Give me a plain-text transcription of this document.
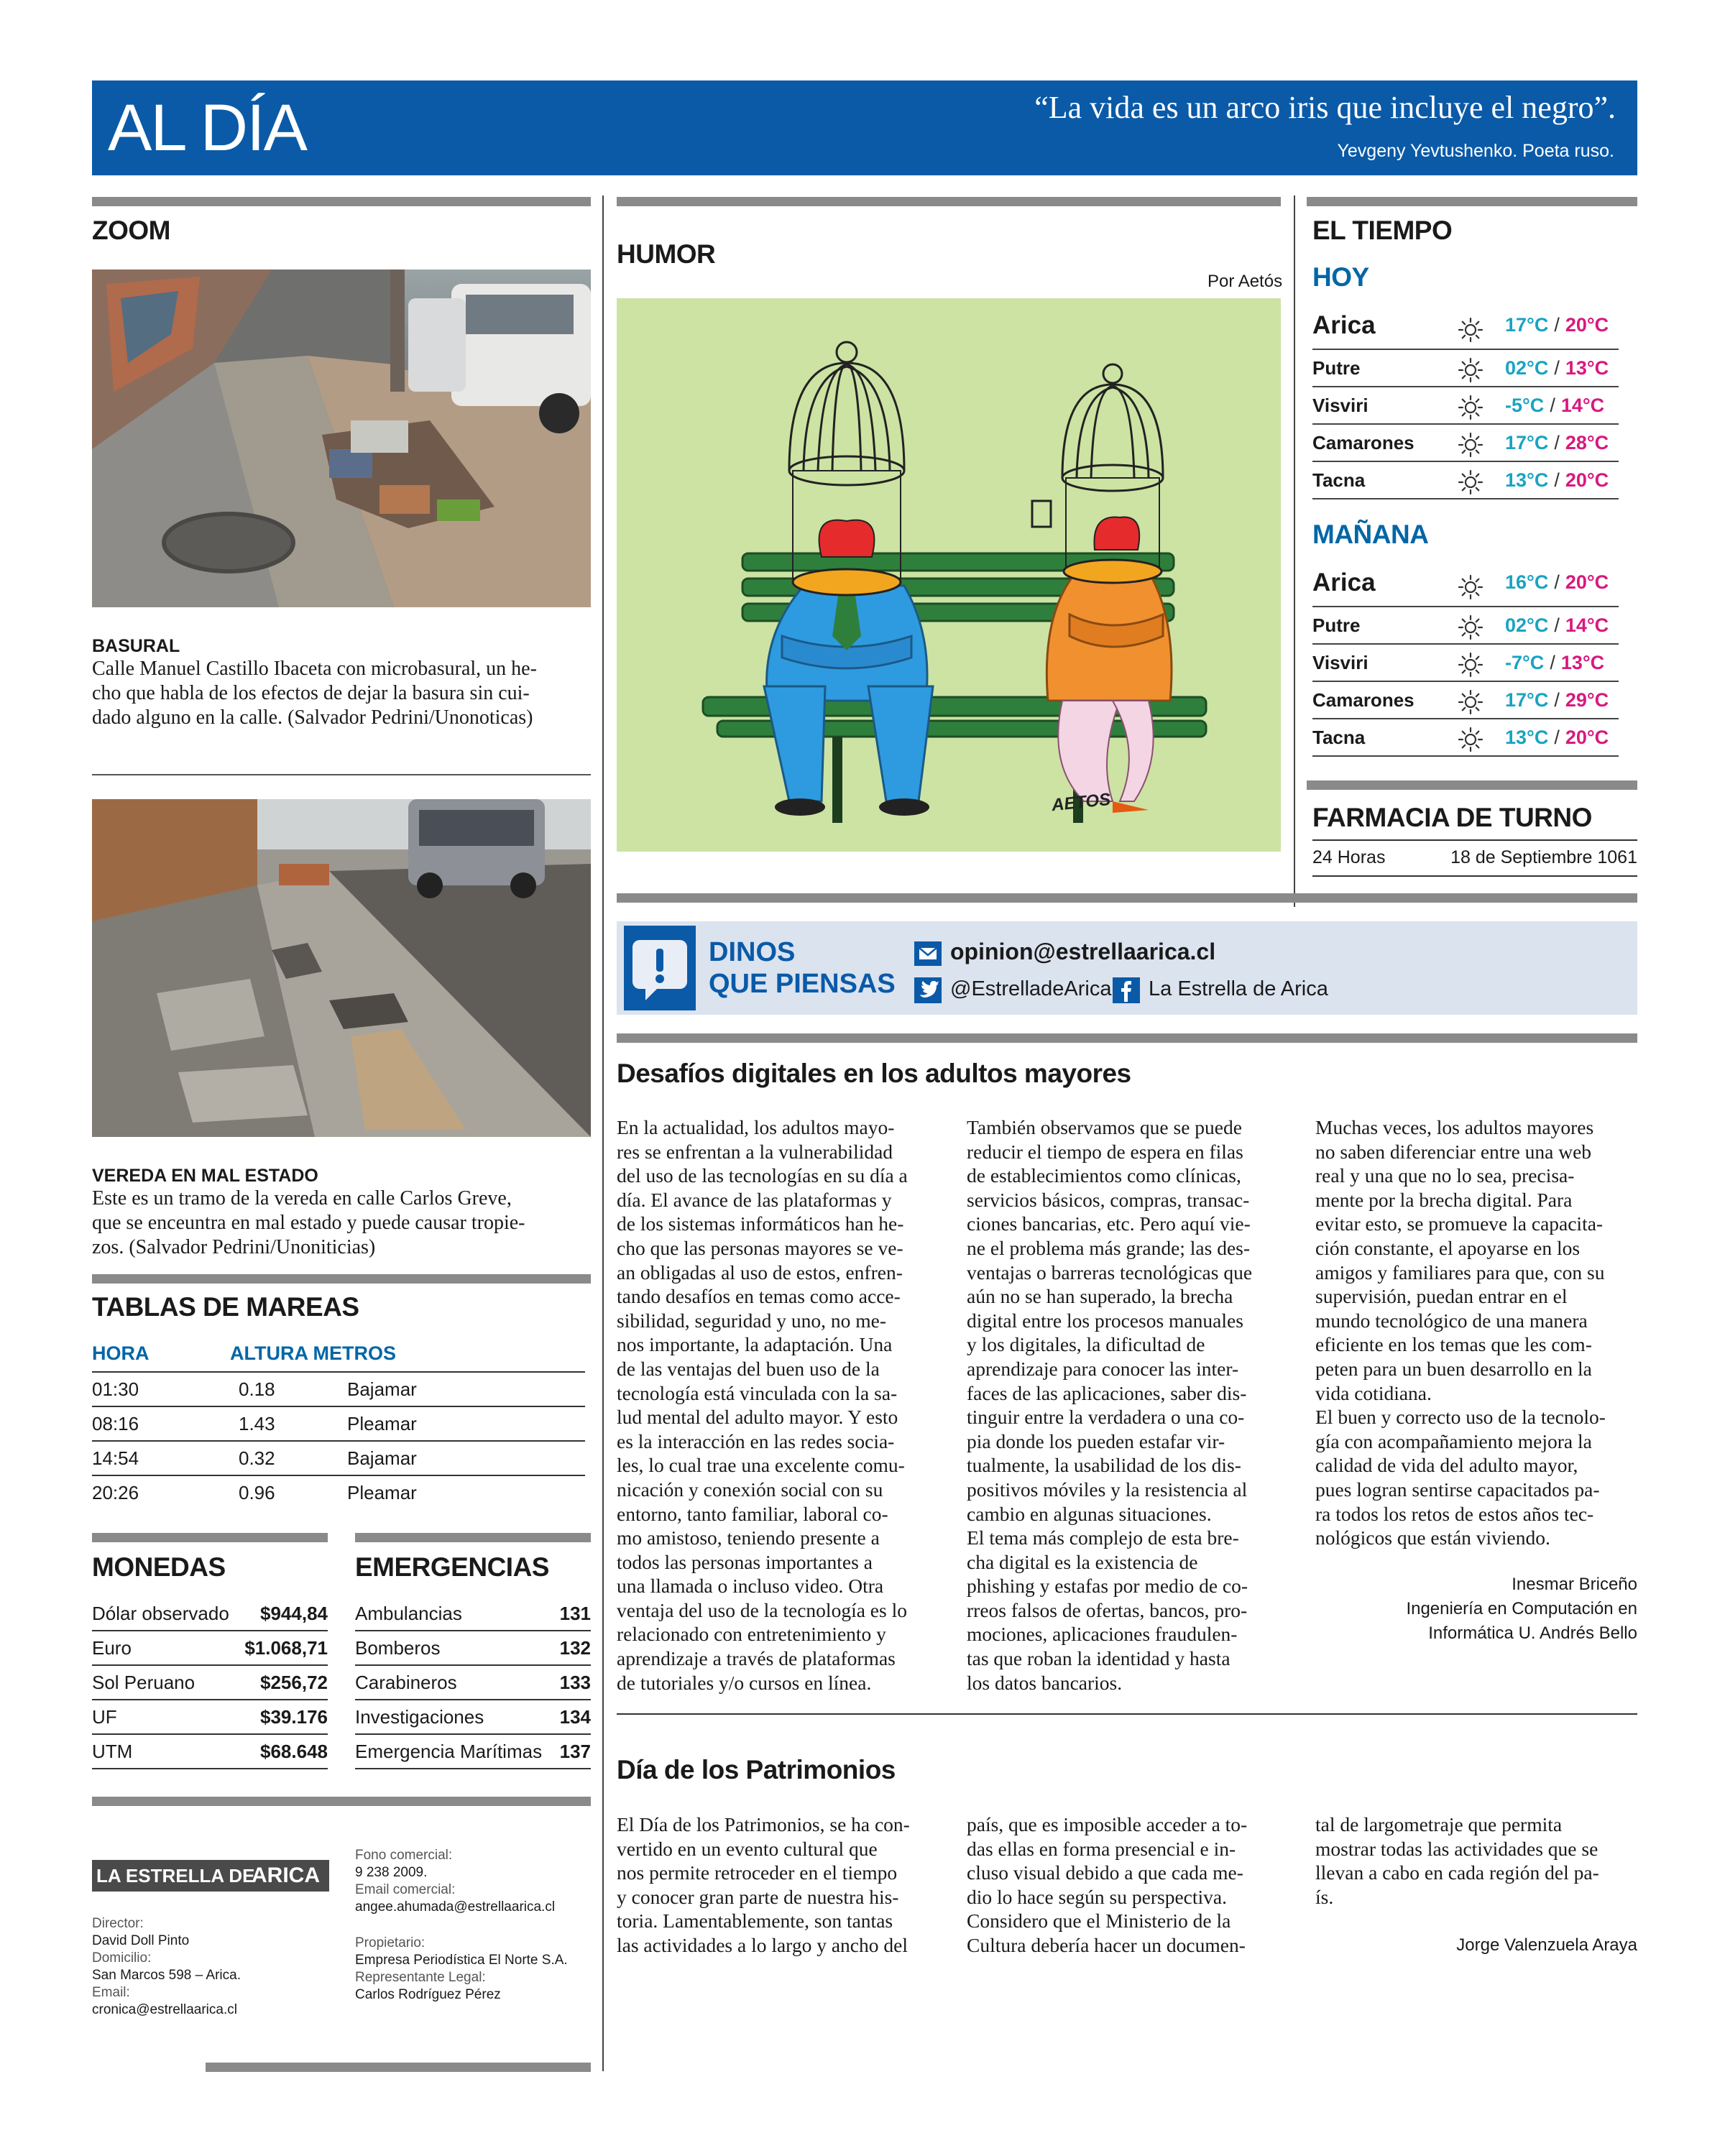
AL DÍA	“La vida es un arco iris que incluye el negro”.
Yevgeny Yevtushenko. Poeta ruso.
ZOOM
BASURAL
Calle Manuel Castillo Ibaceta con microbasural, un he-
cho que habla de los efectos de dejar la basura sin cui-
dado alguno en la calle. (Salvador Pedrini/Unonoticas)
VEREDA EN MAL ESTADO
Este es un tramo de la vereda en calle Carlos Greve,
que se enceuntra en mal estado y puede causar tropie-
zos. (Salvador Pedrini/Unoniticias)
TABLAS DE MAREAS
HORA	ALTURA METROS
01:30	0.18	Bajamar
08:16	1.43	Pleamar
14:54	0.32	Bajamar
20:26	0.96	Pleamar
MONEDAS
Dólar observado $944,84
Euro	$1.068,71
Sol Peruano	$256,72
UF	$39.176
UTM	$68.648
EMERGENCIAS
Ambulancias	131
Bomberos	132
Carabineros	133
Investigaciones	134
Emergencia Marítimas 137
LA ESTRELLA DE
ARICA
Director:
David Doll Pinto
Domicilio:
San Marcos 598 – Arica.
Email:
cronica@estrellaarica.cl
Fono comercial:
9 238 2009.
Email comercial:
angee.ahumada@estrellaarica.cl
Propietario:
Empresa Periodística El Norte S.A.
Representante Legal:
Carlos Rodríguez Pérez
HUMOR
Por Aetós
AETOS
EL TIEMPO
HOY
Arica	17°C / 20°C
Putre	02°C / 13°C
Visviri	-5°C / 14°C
Camarones	17°C / 28°C
Tacna	13°C / 20°C
MAÑANA
Arica	16°C / 20°C
Putre	02°C / 14°C
Visviri	-7°C / 13°C
Camarones	17°C / 29°C
Tacna	13°C / 20°C
FARMACIA DE TURNO
24 Horas	18 de Septiembre 1061
DINOS
QUE PIENSAS
opinion@estrellaarica.cl
@EstrelladeArica La Estrella de Arica
Desafíos digitales en los adultos mayores
En la actualidad, los adultos mayo-
res se enfrentan a la vulnerabilidad
del uso de las tecnologías en su día a
día. El avance de las plataformas y
de los sistemas informáticos han he-
cho que las personas mayores se ve-
an obligadas al uso de estos, enfren-
tando desafíos en temas como acce-
sibilidad, seguridad y uno, no me-
nos importante, la adaptación. Una
de las ventajas del buen uso de la
tecnología está vinculada con la sa-
lud mental del adulto mayor. Y esto
es la interacción en las redes socia-
les, lo cual trae una excelente comu-
nicación y conexión social con su
entorno, tanto familiar, laboral co-
mo amistoso, teniendo presente a
todos las personas importantes a
una llamada o incluso video. Otra
ventaja del uso de la tecnología es lo
relacionado con entretenimiento y
aprendizaje a través de plataformas
de tutoriales y/o cursos en línea.
También observamos que se puede
reducir el tiempo de espera en filas
de establecimientos como clínicas,
servicios básicos, compras, transac-
ciones bancarias, etc. Pero aquí vie-
ne el problema más grande; las des-
ventajas o barreras tecnológicas que
aún no se han superado, la brecha
digital entre los procesos manuales
y los digitales, la dificultad de
aprendizaje para conocer las inter-
faces de las aplicaciones, saber dis-
tinguir entre la verdadera o una co-
pia donde los pueden estafar vir-
tualmente, la usabilidad de los dis-
positivos móviles y la resistencia al
cambio en algunas situaciones.
El tema más complejo de esta bre-
cha digital es la existencia de
phishing y estafas por medio de co-
rreos falsos de ofertas, bancos, pro-
mociones, aplicaciones fraudulen-
tas que roban la identidad y hasta
los datos bancarios.
Muchas veces, los adultos mayores
no saben diferenciar entre una web
real y una que no lo sea, precisa-
mente por la brecha digital. Para
evitar esto, se promueve la capacita-
ción constante, el apoyarse en los
amigos y familiares para que, con su
supervisión, puedan entrar en el
mundo tecnológico de una manera
eficiente en los temas que les com-
peten para un buen desarrollo en la
vida cotidiana.
El buen y correcto uso de la tecnolo-
gía con acompañamiento mejora la
calidad de vida del adulto mayor,
pues logran sentirse capacitados pa-
ra todos los retos de estos años tec-
nológicos que están viviendo.
Inesmar Briceño
Ingeniería en Computación en
Informática U. Andrés Bello
Día de los Patrimonios
El Día de los Patrimonios, se ha con-
vertido en un evento cultural que
nos permite retroceder en el tiempo
y conocer gran parte de nuestra his-
toria. Lamentablemente, son tantas
las actividades a lo largo y ancho del
país, que es imposible acceder a to-
das ellas en forma presencial e in-
cluso visual debido a que cada me-
dio lo hace según su perspectiva.
Considero que el Ministerio de la
Cultura debería hacer un documen-
tal de largometraje que permita
mostrar todas las actividades que se
llevan a cabo en cada región del pa-
ís.
Jorge Valenzuela Araya
